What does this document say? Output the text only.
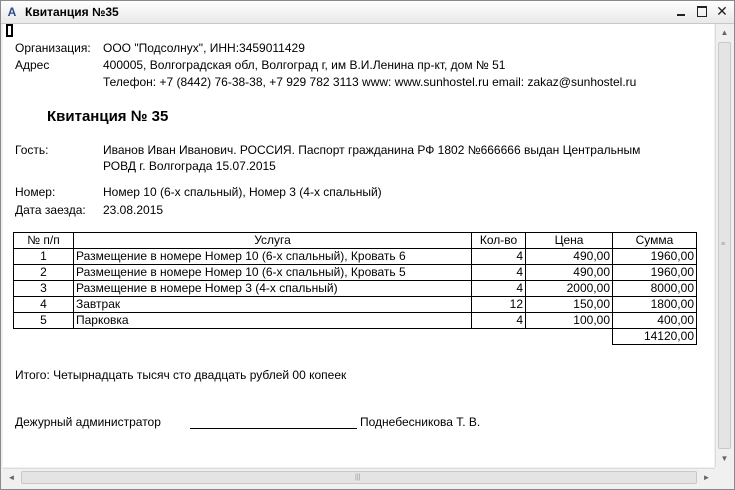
A Квитанция №35	✕
Организация: ООО "Подсолнух", ИНН:3459011429
Адрес	400005, Волгоградская обл, Волгоград г, им В.И.Ленина пр-кт, дом № 51
Телефон: +7 (8442) 76-38-38, +7 929 782 3113 www: www.sunhostel.ru email: zakaz@sunhostel.ru
Квитанция № 35
Гость:	Иванов Иван Иванович. РОССИЯ. Паспорт гражданина РФ 1802 №666666 выдан Центральным
РОВД г. Волгограда 15.07.2015
Номер:	Номер 10 (6-х спальный), Номер 3 (4-х спальный)
Дата заезда: 23.08.2015
№ п/п	Услуга	Кол-во	Цена	Сумма
1	Размещение в номере Номер 10 (6-х спальный), Кровать 6	4	490,00	1960,00
2	Размещение в номере Номер 10 (6-х спальный), Кровать 5	4	490,00	1960,00
3	Размещение в номере Номер 3 (4-х спальный)	4	2000,00	8000,00
4	Завтрак	12	150,00	1800,00
5	Парковка	4	100,00	400,00
				14120,00
Итого: Четырнадцать тысяч сто двадцать рублей 00 копеек
Дежурный администратор	Поднебесникова Т. В.
▲
≡
▼
◄	|||	►
